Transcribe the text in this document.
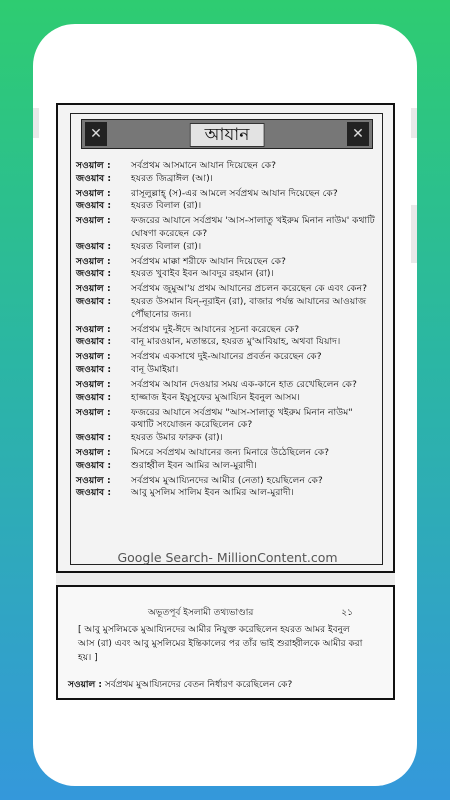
✕	আযান	✕
সওয়াল :	সর্বপ্রথম আসমানে আযান দিয়েছেন কে?
জওয়াব :	হযরত জিব্রাঈল (আ)।
সওয়াল :	রাসূলুল্লাহ্ (স)-এর আমলে সর্বপ্রথম আযান দিয়েছেন কে?
জওয়াব :	হযরত বিলাল (রা)।
সওয়াল :	ফজরের আযানে সর্বপ্রথম 'আস-সালাতু খইরুম মিনান নাউম' কথাটি ঘোষণা করেছেন কে?
জওয়াব :	হযরত বিলাল (রা)।
সওয়াল :	সর্বপ্রথম মাক্কা শরীফে আযান দিয়েছেন কে?
জওয়াব :	হযরত খুবাইব ইবন আবদুর রহমান (রা)।
সওয়াল :	সর্বপ্রথম জুমুআ'য় প্রথম আযানের প্রচলন করেছেন কে এবং কেন?
জওয়াব :	হযরত উসমান যিন্-নূরাইন (রা), বাজার পর্যন্ত আযানের আওয়াজ পৌঁছানোর জন্য।
সওয়াল :	সর্বপ্রথম দুই-ঈদে আযানের সূচনা করেছেন কে?
জওয়াব :	বানূ মারওয়ান, মতান্তরে, হযরত মু'আবিয়াহ, অথবা যিয়াদ।
সওয়াল :	সর্বপ্রথম একসাথে দুই-আযানের প্রবর্তন করেছেন কে?
জওয়াব :	বানূ উমাইয়া।
সওয়াল :	সর্বপ্রথম আযান দেওয়ার সময় এক-কানে হাত রেখেছিলেন কে?
জওয়াব :	হাজ্জাজ ইবন ইযুসুফের মুআয্যিন ইবনুল আসম।
সওয়াল :	ফজরের আযানে সর্বপ্রথম "আস-সালাতু খইরুম মিনান নাউম" কথাটি সংযোজন করেছিলেন কে?
জওয়াব :	হযরত উমার ফারুক (রা)।
সওয়াল :	মিসরে সর্বপ্রথম আযানের জন্য মিনারে উঠেছিলেন কে?
জওয়াব :	শুরাহ্বীল ইবন আমির আল-মুরাদী।
সওয়াল :	সর্বপ্রথম মুআয্যিনদের আমীর (নেতা) হয়েছিলেন কে?
জওয়াব :	আবু মুসলিম সালিম ইবন আমির আল-মুরাদী।
Google Search- MillionContent.com
অভূতপূর্ব ইসলামী তথ্যভাণ্ডার	২১
[ আবু মুসলিমকে মুআয্যিনদের আমীর নিযুক্ত করেছিলেন হযরত আমর ইবনুল আস (রা) এবং আবু মুসলিমের ইন্তিকালের পর তাঁর ভাই শুরাহ্বীলকে আমীর করা হয়। ]
সওয়াল : সর্বপ্রথম মুআয্যিনদের বেতন নির্ধারণ করেছিলেন কে?
